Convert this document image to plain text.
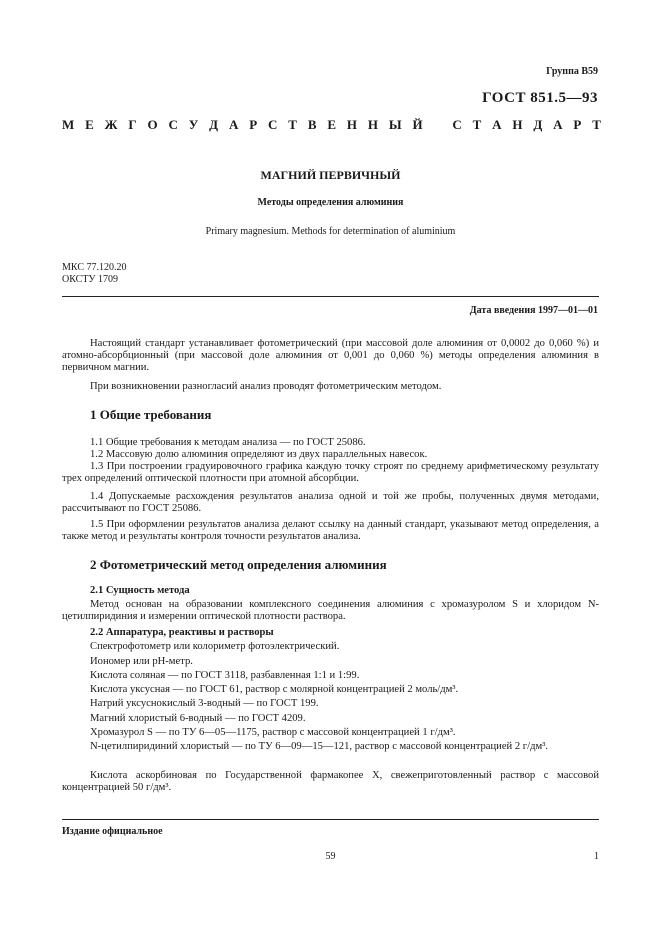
Группа В59
ГОСТ 851.5—93
М Е Ж Г О С У Д А Р С Т В Е Н Н Ы Й С Т А Н Д А Р Т
МАГНИЙ ПЕРВИЧНЫЙ
Методы определения алюминия
Primary magnesium. Methods for determination of aluminium
МКС 77.120.20
ОКСТУ 1709
Дата введения 1997—01—01
Настоящий стандарт устанавливает фотометрический (при массовой доле алюминия от 0,0002 до 0,060 %) и атомно-абсорбционный (при массовой доле алюминия от 0,001 до 0,060 %) методы определения алюминия в первичном магнии.
При возникновении разногласий анализ проводят фотометрическим методом.
1 Общие требования
1.1 Общие требования к методам анализа — по ГОСТ 25086.
1.2 Массовую долю алюминия определяют из двух параллельных навесок.
1.3 При построении градуировочного графика каждую точку строят по среднему арифметическому результату трех определений оптической плотности при атомной абсорбции.
1.4 Допускаемые расхождения результатов анализа одной и той же пробы, полученных двумя методами, рассчитывают по ГОСТ 25086.
1.5 При оформлении результатов анализа делают ссылку на данный стандарт, указывают метод определения, а также метод и результаты контроля точности результатов анализа.
2 Фотометрический метод определения алюминия
2.1 Сущность метода
Метод основан на образовании комплексного соединения алюминия с хромазуролом S и хлоридом N-цетилпиридиния и измерении оптической плотности раствора.
2.2 Аппаратура, реактивы и растворы
Спектрофотометр или колориметр фотоэлектрический.
Иономер или pH-метр.
Кислота соляная — по ГОСТ 3118, разбавленная 1:1 и 1:99.
Кислота уксусная — по ГОСТ 61, раствор с молярной концентрацией 2 моль/дм³.
Натрий уксуснокислый 3-водный — по ГОСТ 199.
Магний хлористый 6-водный — по ГОСТ 4209.
Хромазурол S — по ТУ 6—05—1175, раствор с массовой концентрацией 1 г/дм³.
N-цетилпиридиний хлористый — по ТУ 6—09—15—121, раствор с массовой концентрацией 2 г/дм³.
Кислота аскорбиновая по Государственной фармакопее X, свежеприготовленный раствор с массовой концентрацией 50 г/дм³.
Издание официальное
59	1
